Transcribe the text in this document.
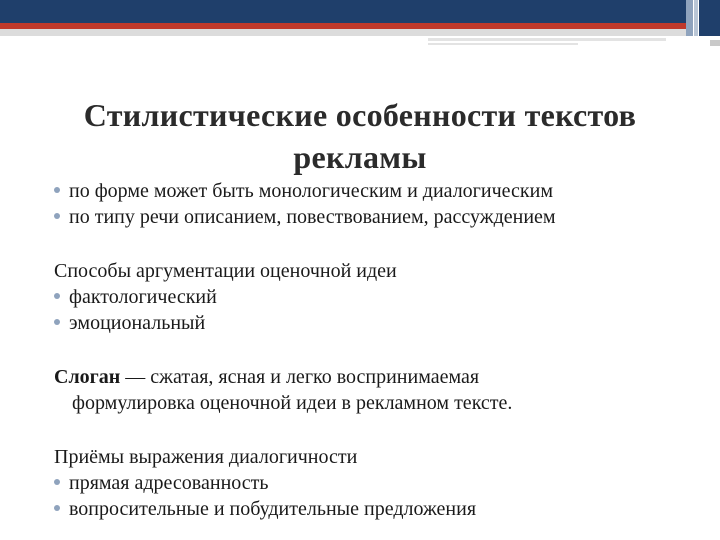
Стилистические особенности текстов
рекламы
по форме может быть монологическим и диалогическим
по типу речи описанием, повествованием, рассуждением
Способы аргументации оценочной идеи
фактологический
эмоциональный
Слоган — сжатая, ясная и легко воспринимаемая
формулировка оценочной идеи в рекламном тексте.
Приёмы выражения диалогичности
прямая адресованность
вопросительные и побудительные предложения
